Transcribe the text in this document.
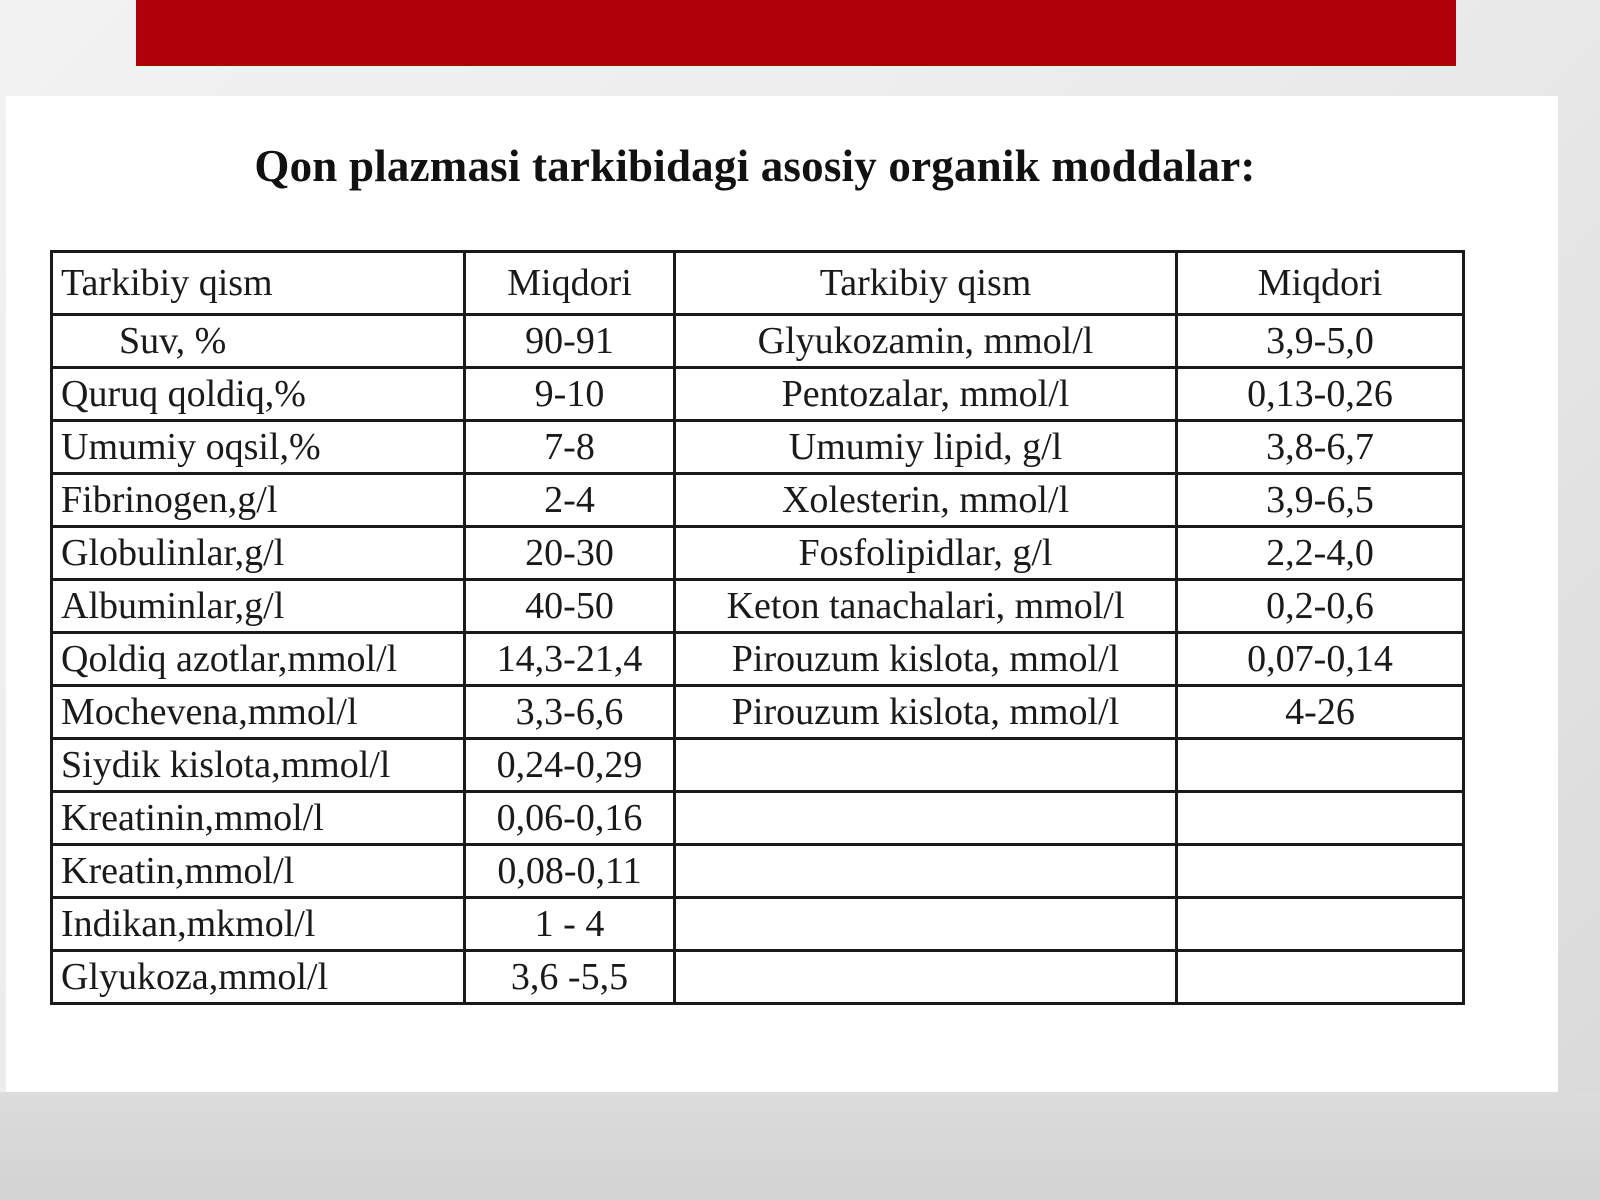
Qon plazmasi tarkibidagi asosiy organik moddalar:
Tarkibiy qism	Miqdori	Tarkibiy qism	Miqdori
Suv, %	90-91	Glyukozamin, mmol/l	3,9-5,0
Quruq qoldiq,%	9-10	Pentozalar, mmol/l	0,13-0,26
Umumiy oqsil,%	7-8	Umumiy lipid, g/l	3,8-6,7
Fibrinogen,g/l	2-4	Xolesterin, mmol/l	3,9-6,5
Globulinlar,g/l	20-30	Fosfolipidlar, g/l	2,2-4,0
Albuminlar,g/l	40-50	Keton tanachalari, mmol/l	0,2-0,6
Qoldiq azotlar,mmol/l	14,3-21,4	Pirouzum kislota, mmol/l	0,07-0,14
Mochevena,mmol/l	3,3-6,6	Pirouzum kislota, mmol/l	4-26
Siydik kislota,mmol/l	0,24-0,29		
Kreatinin,mmol/l	0,06-0,16		
Kreatin,mmol/l	0,08-0,11		
Indikan,mkmol/l	1 - 4		
Glyukoza,mmol/l	3,6 -5,5		
